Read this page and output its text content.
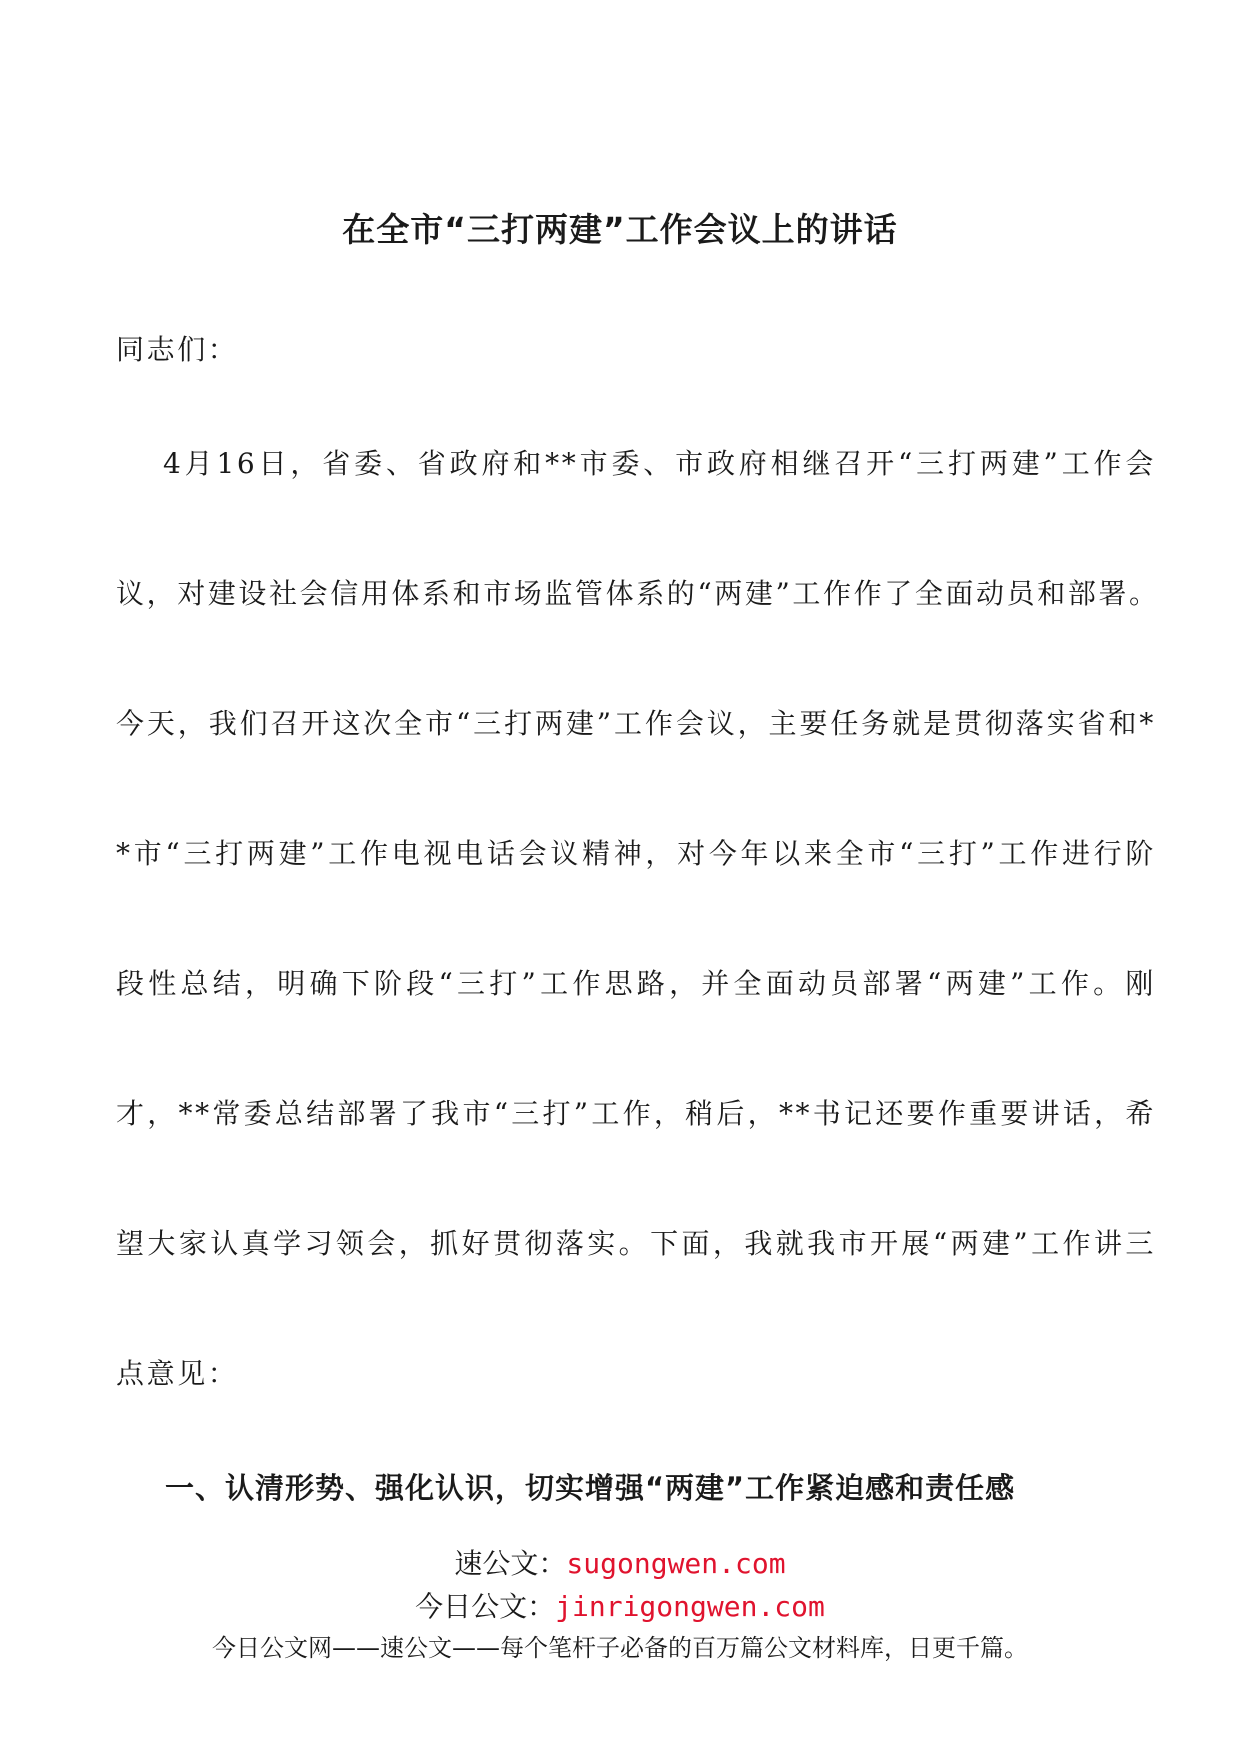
在全市“三打两建”工作会议上的讲话
同志们：
4月16日，省委、省政府和**市委、市政府相继召开“三打两建”工作会
议，对建设社会信用体系和市场监管体系的“两建”工作作了全面动员和部署。
今天，我们召开这次全市“三打两建”工作会议，主要任务就是贯彻落实省和*
*市“三打两建”工作电视电话会议精神，对今年以来全市“三打”工作进行阶
段性总结，明确下阶段“三打”工作思路，并全面动员部署“两建”工作。刚
才，**常委总结部署了我市“三打”工作，稍后，**书记还要作重要讲话，希
望大家认真学习领会，抓好贯彻落实。下面，我就我市开展“两建”工作讲三
点意见：
一、认清形势、强化认识，切实增强“两建”工作紧迫感和责任感
速公文：sugongwen.com
今日公文：jinrigongwen.com
今日公文网——速公文——每个笔杆子必备的百万篇公文材料库，日更千篇。
